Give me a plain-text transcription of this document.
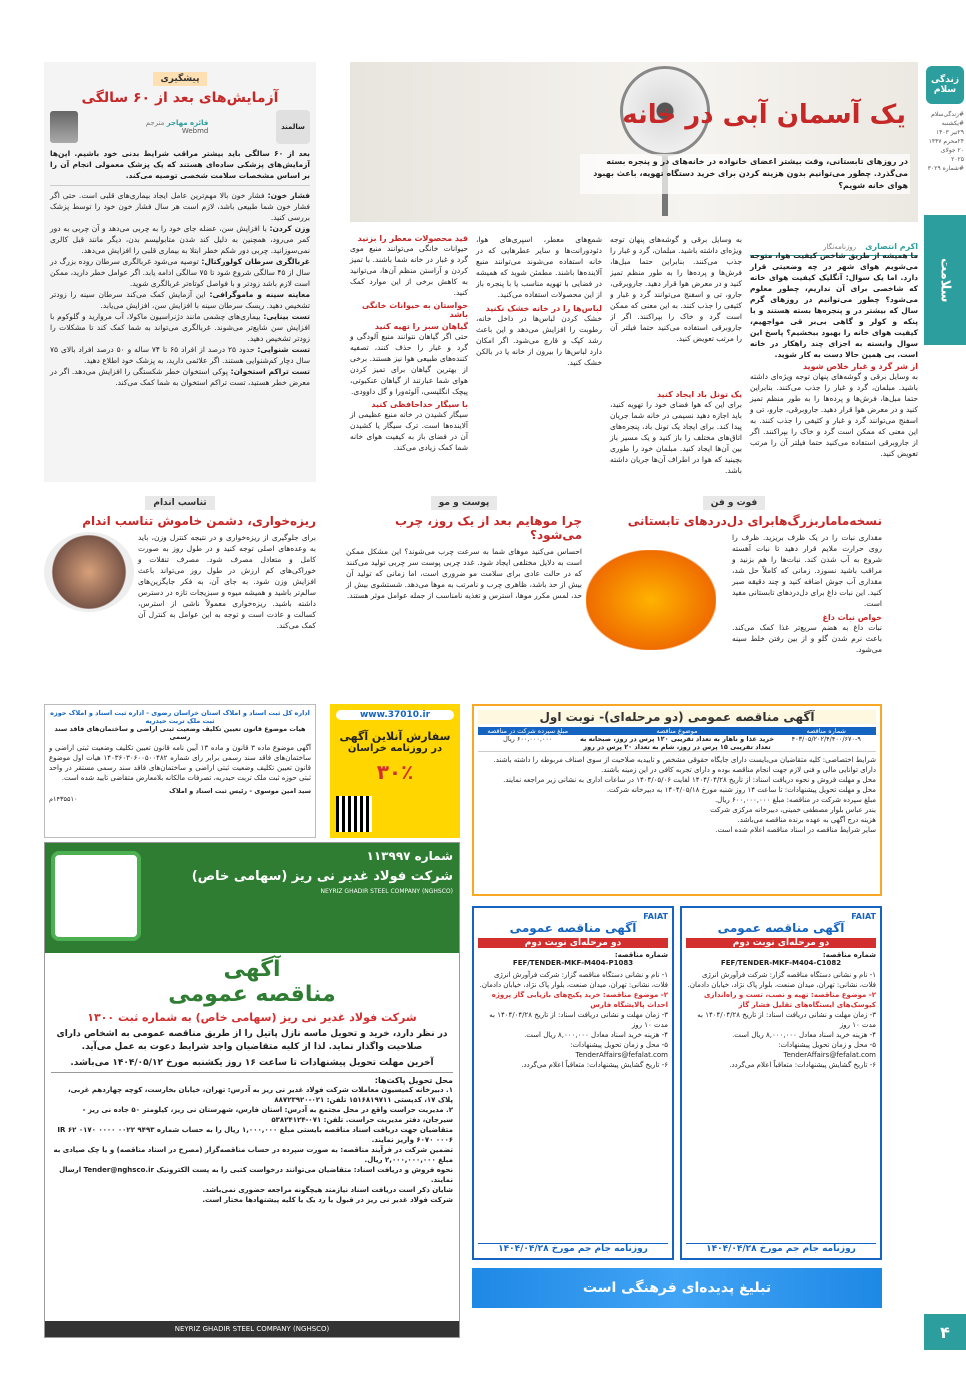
زندگی سلام
#زندگی‌سلام
#یکشنبه
۲۹تیر ۱۴۰۳
۲۴محرم ۱۴۴۷
۲۰ جولای ۲۰۲۵
#شماره ۳۰۲۹
سلامت
۴
یک آسمان آبی در خانه
در روزهای تابستانی، وقت بیشتر اعضای خانواده در خانه‌های در و پنجره بسته می‌گذرد. چطور می‌توانیم بدون هزینه کردن برای خرید دستگاه تهویه، باعث بهبود هوای خانه شویم؟
اکرم انتصاری روزنامه‌نگار
ما همیشه از طریق شاخص کیفیت هوا، متوجه می‌شویم هوای شهر در چه وضعیتی قرار دارد. اما یک سوال: آنگلیک کیفیت هوای خانه که شاخصی برای آن نداریم، چطور معلوم می‌شود؟ چطور می‌توانیم در روزهای گرم سال که بیشتر در و پنجره‌ها بسته هستند و با پنکه و کولر و گاهی بی‌بر قی مواجهیم، کیفیت هوای خانه را بهبود ببخشیم؟ پاسخ این سوال وابسته به اجزای چند راهکار در خانه است. بی همین حالا دست به کار شوید.
از شر گرد و غبار خلاص شوید
به وسایل برقی و گوشه‌های پنهان توجه ویژه‌ای داشته باشید. مبلمان، گرد و غبار را جذب می‌کنند. بنابراین حتما مبل‌ها، فرش‌ها و پرده‌ها را به طور منظم تمیز کنید و در معرض هوا قرار دهید. جاروبرقی، جارو، تی و اسفنج می‌توانند گرد و غبار و کثیفی را جذب کنند. به این معنی که ممکن است گرد و خاک را بپراکنند. اگر از جاروبرقی استفاده می‌کنید حتما فیلتر آن را مرتب تعویض کنید.
به وسایل برقی و گوشه‌های پنهان توجه ویژه‌ای داشته باشید. مبلمان، گرد و غبار را جذب می‌کنند. بنابراین حتما مبل‌ها، فرش‌ها و پرده‌ها را به طور منظم تمیز کنید و در معرض هوا قرار دهید. جاروبرقی، جارو، تی و اسفنج می‌توانند گرد و غبار و کثیفی را جذب کنند. به این معنی که ممکن است گرد و خاک را بپراکنند. اگر از جاروبرقی استفاده می‌کنید حتما فیلتر آن را مرتب تعویض کنید.
یک تونل باد ایجاد کنید
برای این که هوا فضای خود را تهویه کنید، باید اجازه دهید نسیمی در خانه شما جریان پیدا کند. برای ایجاد یک تونل باد، پنجره‌های اتاق‌های مختلف را باز کنید و یک مسیر باز بین آن‌ها ایجاد کنید. مبلمان خود را طوری بچینید که هوا در اطراف آن‌ها جریان داشته باشد.
شمع‌های معطر، اسپری‌های هوا، دئودورانت‌ها و سایر عطرهایی که در خانه استفاده می‌شوند می‌توانند منبع آلاینده‌ها باشند. مطمئن شوید که همیشه در فضایی با تهویه مناسب یا با پنجره باز از این محصولات استفاده می‌کنید.
لباس‌ها را در خانه خشک نکنید
خشک کردن لباس‌ها در داخل خانه، رطوبت را افزایش می‌دهد و این باعث رشد کپک و قارچ می‌شود. اگر امکان دارد لباس‌ها را بیرون از خانه یا در بالکن خشک کنید.
قید محصولات معطر را بزنید
حیوانات خانگی می‌توانند منبع موی گرد و غبار در خانه شما باشند. با تمیز کردن و آراستن منظم آن‌ها، می‌توانید به کاهش برخی از این موارد کمک کنید.
حواستان به حیوانات خانگی باشد
گیاهان سبز را تهیه کنید
حتی اگر گیاهان نتوانند منبع آلودگی و گرد و غبار را حذف کنند، تصفیه کننده‌های طبیعی هوا نیز هستند. برخی از بهترین گیاهان برای تمیز کردن هوای شما عبارتند از گیاهان عنکبوتی، پیچک انگلیسی، آلوئه‌ورا و گل داوودی.
با سیگار خداحافظی کنید
سیگار کشیدن در خانه منبع عظیمی از آلاینده‌ها است. ترک سیگار یا کشیدن آن در فضای باز به کیفیت هوای خانه شما کمک زیادی می‌کند.
پیشگیری
آزمایش‌های بعد از ۶۰ سالگی
سالمند
فائزه مهاجر مترجم
Webmd
بعد از ۶۰ سالگی باید بیشتر مراقب شرایط بدنی خود باشیم. این‌ها آزمایش‌های پزشکی ساده‌ای هستند که یک پزشک معمولی انجام آن را بر اساس مشخصات سلامت شخصی توصیه می‌کند.
فشار خون: فشار خون بالا مهم‌ترین عامل ایجاد بیماری‌های قلبی است. حتی اگر فشار خون شما طبیعی باشد، لازم است هر سال فشار خون خود را توسط پزشک بررسی کنید.
وزن کردن: با افزایش سن، عضله جای خود را به چربی می‌دهد و آن چربی به دور کمر می‌رود، همچنین به دلیل کند شدن متابولیسم بدن، دیگر مانند قبل کالری نمی‌سوزانید. چربی دور شکم خطر ابتلا به بیماری قلبی را افزایش می‌دهد.
غربالگری سرطان کولورکتال: توصیه می‌شود غربالگری سرطان روده بزرگ در سال از ۴۵ سالگی شروع شود تا ۷۵ سالگی ادامه یابد. اگر عوامل خطر دارید، ممکن است لازم باشد زودتر و با فواصل کوتاه‌تر غربالگری شوید.
معاینه سینه و ماموگرافی: این آزمایش کمک می‌کند سرطان سینه را زودتر تشخیص دهید. ریسک سرطان سینه با افزایش سن، افزایش می‌یابد.
تست بینایی: بیماری‌های چشمی مانند دژنراسیون ماکولا، آب مروارید و گلوکوم با افزایش سن شایع‌تر می‌شوند. غربالگری می‌تواند به شما کمک کند تا مشکلات را زودتر تشخیص دهید.
تست شنوایی: حدود ۲۵ درصد از افراد ۶۵ تا ۷۴ ساله و ۵۰ درصد افراد بالای ۷۵ سال دچار کم‌شنوایی هستند. اگر علائمی دارید، به پزشک خود اطلاع دهید.
تست تراکم استخوان: پوکی استخوان خطر شکستگی را افزایش می‌دهد. اگر در معرض خطر هستید، تست تراکم استخوان به شما کمک می‌کند.
فوت و فن
نسخه‌ماماربزرگ‌هابرای دل‌دردهای تابستانی
مقداری نبات را در یک ظرف بریزید. ظرف را روی حرارت ملایم قرار دهید تا نبات آهسته شروع به آب شدن کند. نبات‌ها را هم بزنید و مراقب باشید نسوزد. زمانی که کاملاً حل شد، مقداری آب جوش اضافه کنید و چند دقیقه صبر کنید. این نبات داغ برای دل‌دردهای تابستانی مفید است.
خواص نبات داغ
نبات داغ به هضم سریع‌تر غذا کمک می‌کند. باعث نرم شدن گلو و از بین رفتن خلط سینه می‌شود.
پوست و مو
چرا موهایم بعد از یک روز، چرب می‌شود؟
احساس می‌کنید موهای شما به سرعت چرب می‌شوند؟ این مشکل ممکن است به دلایل مختلفی ایجاد شود. غدد چربی پوست سر چربی تولید می‌کنند که در حالت عادی برای سلامت مو ضروری است، اما زمانی که تولید آن بیش از حد باشد، ظاهری چرب و نامرتب به موها می‌دهد. شستشوی بیش از حد، لمس مکرر موها، استرس و تغذیه نامناسب از جمله عوامل موثر هستند.
تناسب اندام
ریزه‌خواری، دشمن خاموش تناسب اندام
برای جلوگیری از ریزه‌خواری و در نتیجه کنترل وزن، باید به وعده‌های اصلی توجه کنید و در طول روز به صورت کامل و متعادل مصرف شود. مصرف تنقلات و خوراکی‌های کم ارزش در طول روز می‌تواند باعث افزایش وزن شود. به جای آن، به فکر جایگزین‌های سالم‌تر باشید و همیشه میوه و سبزیجات تازه در دسترس داشته باشید. ریزه‌خواری معمولاً ناشی از استرس، کسالت و عادت است و توجه به این عوامل به کنترل آن کمک می‌کند.
آگهی مناقصه عمومی (دو مرحله‌ای)- نوبت اول
شماره مناقصه
موضوع مناقصه
مبلغ سپرده شرکت در مناقصه
۴۰۳/۰۵/۲۰۲/۴/۴۰۰/۶۷۰-۹
خرید غذا و ناهار به تعداد تقریبی ۱۲۰ پرس در روز، صبحانه به تعداد تقریبی ۱۵ پرس در روز، شام به تعداد ۲۰ پرس در روز
۶۰۰,۰۰۰,۰۰۰ ریال
شرایط اختصاصی: کلیه متقاضیان می‌بایست دارای جایگاه حقوقی مشخص و تاییدیه صلاحیت از سوی اصناف مربوطه را داشته باشند.
دارای توانایی مالی و فنی لازم جهت انجام مناقصه بوده و دارای تجربه کافی در این زمینه باشند.
محل و مهلت فروش و نحوه دریافت اسناد: از تاریخ ۱۴۰۴/۰۴/۲۸ لغایت ۱۴۰۴/۰۵/۰۶ در ساعات اداری به نشانی زیر مراجعه نمایند.
محل و مهلت تحویل پیشنهادات: تا ساعت ۱۴ روز شنبه مورخ ۱۴۰۴/۰۵/۱۸ به دبیرخانه شرکت.
مبلغ سپرده شرکت در مناقصه: مبلغ ۶۰۰,۰۰۰,۰۰۰ ریال.
بندر عباس بلوار مصطفی خمینی، دبیرخانه مرکزی شرکت
هزینه درج آگهی به عهده برنده مناقصه می‌باشد.
سایر شرایط مناقصه در اسناد مناقصه اعلام شده است.
www.37010.ir
سفارش آنلاین آگهی
در روزنامه خراسان
۳۰٪
اداره کل ثبت اسناد و املاک استان خراسان رضوی - اداره ثبت اسناد و املاک حوزه ثبت ملک تربت حیدریه
هیات موضوع قانون تعیین تکلیف وضعیت ثبتی اراضی و ساختمان‌های فاقد سند رسمی
آگهی موضوع ماده ۳ قانون و ماده ۱۳ آیین نامه قانون تعیین تکلیف وضعیت ثبتی اراضی و ساختمان‌های فاقد سند رسمی برابر رای شماره ۱۴۰۳۶۰۳۰۶۰۰۵۰۰۴۸۲ هیات اول موضوع قانون تعیین تکلیف وضعیت ثبتی اراضی و ساختمان‌های فاقد سند رسمی مستقر در واحد ثبتی حوزه ثبت ملک تربت حیدریه، تصرفات مالکانه بلامعارض متقاضی تایید شده است.
سید امین موسوی - رئیس ثبت اسناد و املاک
۱۴۳۵۵۱۰م
شماره ۱۱۳۹۹۷
شرکت فولاد غدیر نی ریز (سهامی خاص)
NEYRIZ GHADIR STEEL COMPANY (NGHSCO)
آگهی
مناقصه عمومی
شرکت فولاد غدیر نی ریز (سهامی خاص) به شماره ثبت ۱۳۰۰
در نظر دارد، خرید و تحویل ماسه نازل پاتیل را از طریق مناقصه عمومی به اشخاص دارای صلاحیت واگذار نماید. لذا از کلیه متقاضیان واجد شرایط دعوت به عمل می‌آید.
آخرین مهلت تحویل پیشنهادات تا ساعت ۱۶ روز یکشنبه مورخ ۱۴۰۴/۰۵/۱۲ می‌باشد.
محل تحویل پاکت‌ها:
۱. دبیرخانه کمیسیون معاملات شرکت فولاد غدیر نی ریز به آدرس: تهران، خیابان بخارست، کوچه چهاردهم غربی، پلاک ۱۷، کدپستی ۱۵۱۶۸۱۹۷۱۱ تلفن: ۰۲۱-۸۸۷۲۳۹۲۰
۲. مدیریت حراست واقع در محل مجتمع به آدرس: استان فارس، شهرستان نی ریز، کیلومتر ۵۰ جاده نی ریز - سیرجان، دفتر مدیریت حراست. تلفن: ۰۷۱-۵۳۸۲۴۱۲۴
متقاضیان جهت دریافت اسناد مناقصه بایستی مبلغ ۱,۰۰۰,۰۰۰ ریال را به حساب شماره IR ۶۲ ۰۱۷۰ ۰۰۰۰ ۰۰۲۲ ۹۴۹۳ ۶۰۷۰ ۰۰۰۶ واریز نمایند.
تضمین شرکت در فرآیند مناقصه: به صورت سپرده در حساب مناقصه‌گزار (مصرح در اسناد مناقصه) و یا چک صیادی به مبلغ ۲,۰۰۰,۰۰۰,۰۰۰ ریال.
نحوه فروش و دریافت اسناد: متقاضیان می‌توانند درخواست کتبی را به پست الکترونیک Tender@nghsco.ir ارسال نمایند.
شایان ذکر است دریافت اسناد نیازمند هیچگونه مراجعه حضوری نمی‌باشد.
شرکت فولاد غدیر نی ریز در قبول یا رد یک یا کلیه پیشنهادها مختار است.
NEYRIZ GHADIR STEEL COMPANY (NGHSCO)
FAIAT
آگهی مناقصه عمومی
دو مرحله‌ای نوبت دوم
شماره مناقصه:
FEF/TENDER-MKF-M404-C1082
۱- نام و نشانی دستگاه مناقصه گزار: شرکت فرآورش انرژی فلات، نشانی: تهران، میدان صنعت، بلوار پاک نژاد، خیابان دادمان.
۲- موضوع مناقصه: تهیه و نصب، تست و راه‌اندازی کیوسک‌های ایستگاه‌های تقلیل فشار گاز
۳- زمان مهلت و نشانی دریافت اسناد: از تاریخ ۱۴۰۴/۰۴/۲۸ به مدت ۱۰ روز
۴- هزینه خرید اسناد معادل ۸,۰۰۰,۰۰۰ ریال است.
۵- محل و زمان تحویل پیشنهادات: TenderAffairs@fefalat.com
۶- تاریخ گشایش پیشنهادات: متعاقباً اعلام می‌گردد.
روزنامه جام جم مورخ ۱۴۰۴/۰۴/۲۸
FAIAT
آگهی مناقصه عمومی
دو مرحله‌ای نوبت دوم
شماره مناقصه:
FEF/TENDER-MKF-M404-P1083
۱- نام و نشانی دستگاه مناقصه گزار: شرکت فرآورش انرژی فلات، نشانی: تهران، میدان صنعت، بلوار پاک نژاد، خیابان دادمان.
۲- موضوع مناقصه: خرید پکیج‌های بازیابی گاز پروژه احداث پالایشگاه فارس
۳- زمان مهلت و نشانی دریافت اسناد: از تاریخ ۱۴۰۴/۰۴/۲۸ به مدت ۱۰ روز
۴- هزینه خرید اسناد معادل ۸,۰۰۰,۰۰۰ ریال است.
۵- محل و زمان تحویل پیشنهادات: TenderAffairs@fefalat.com
۶- تاریخ گشایش پیشنهادات: متعاقباً اعلام می‌گردد.
روزنامه جام جم مورخ ۱۴۰۴/۰۴/۲۸
تبلیغ پدیده‌ای فرهنگی است
